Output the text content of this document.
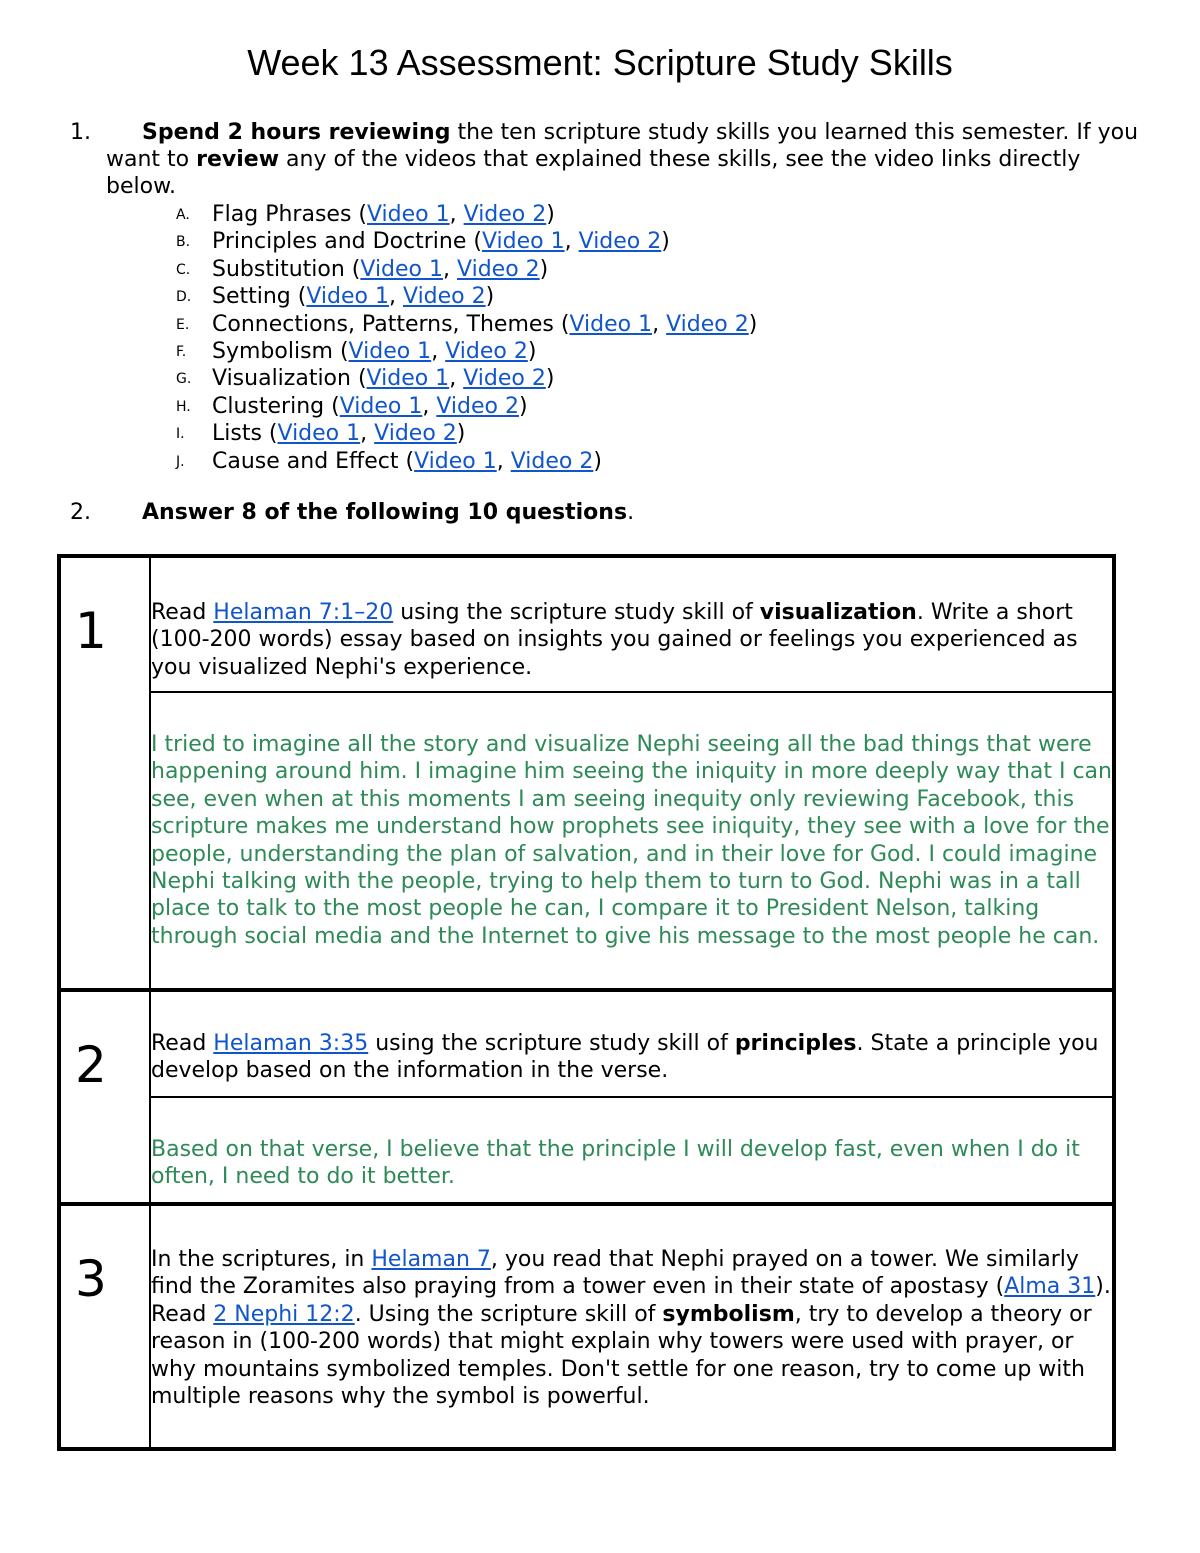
Week 13 Assessment: Scripture Study Skills
1.	Spend 2 hours reviewing the ten scripture study skills you learned this semester. If you want to review any of the videos that explained these skills, see the video links directly below.
A. Flag Phrases (Video 1, Video 2)
B. Principles and Doctrine (Video 1, Video 2)
C. Substitution (Video 1, Video 2)
D. Setting (Video 1, Video 2)
E. Connections, Patterns, Themes (Video 1, Video 2)
F. Symbolism (Video 1, Video 2)
G. Visualization (Video 1, Video 2)
H. Clustering (Video 1, Video 2)
I. Lists (Video 1, Video 2)
J. Cause and Effect (Video 1, Video 2)
2. Answer 8 of the following 10 questions.
1	Read Helaman 7:1–20 using the scripture study skill of visualization. Write a short (100-200 words) essay based on insights you gained or feelings you experienced as you visualized Nephi's experience.

	I tried to imagine all the story and visualize Nephi seeing all the bad things that were happening around him. I imagine him seeing the iniquity in more deeply way that I can see, even when at this moments I am seeing inequity only reviewing Facebook, this scripture makes me understand how prophets see iniquity, they see with a love for the people, understanding the plan of salvation, and in their love for God. I could imagine Nephi talking with the people, trying to help them to turn to God. Nephi was in a tall place to talk to the most people he can, I compare it to President Nelson, talking through social media and the Internet to give his message to the most people he can.

2	Read Helaman 3:35 using the scripture study skill of principles. State a principle you develop based on the information in the verse.

	Based on that verse, I believe that the principle I will develop fast, even when I do it often, I need to do it better.

3	In the scriptures, in Helaman 7, you read that Nephi prayed on a tower. We similarly find the Zoramites also praying from a tower even in their state of apostasy (Alma 31). Read 2 Nephi 12:2. Using the scripture skill of symbolism, try to develop a theory or reason in (100-200 words) that might explain why towers were used with prayer, or why mountains symbolized temples. Don't settle for one reason, try to come up with multiple reasons why the symbol is powerful.
